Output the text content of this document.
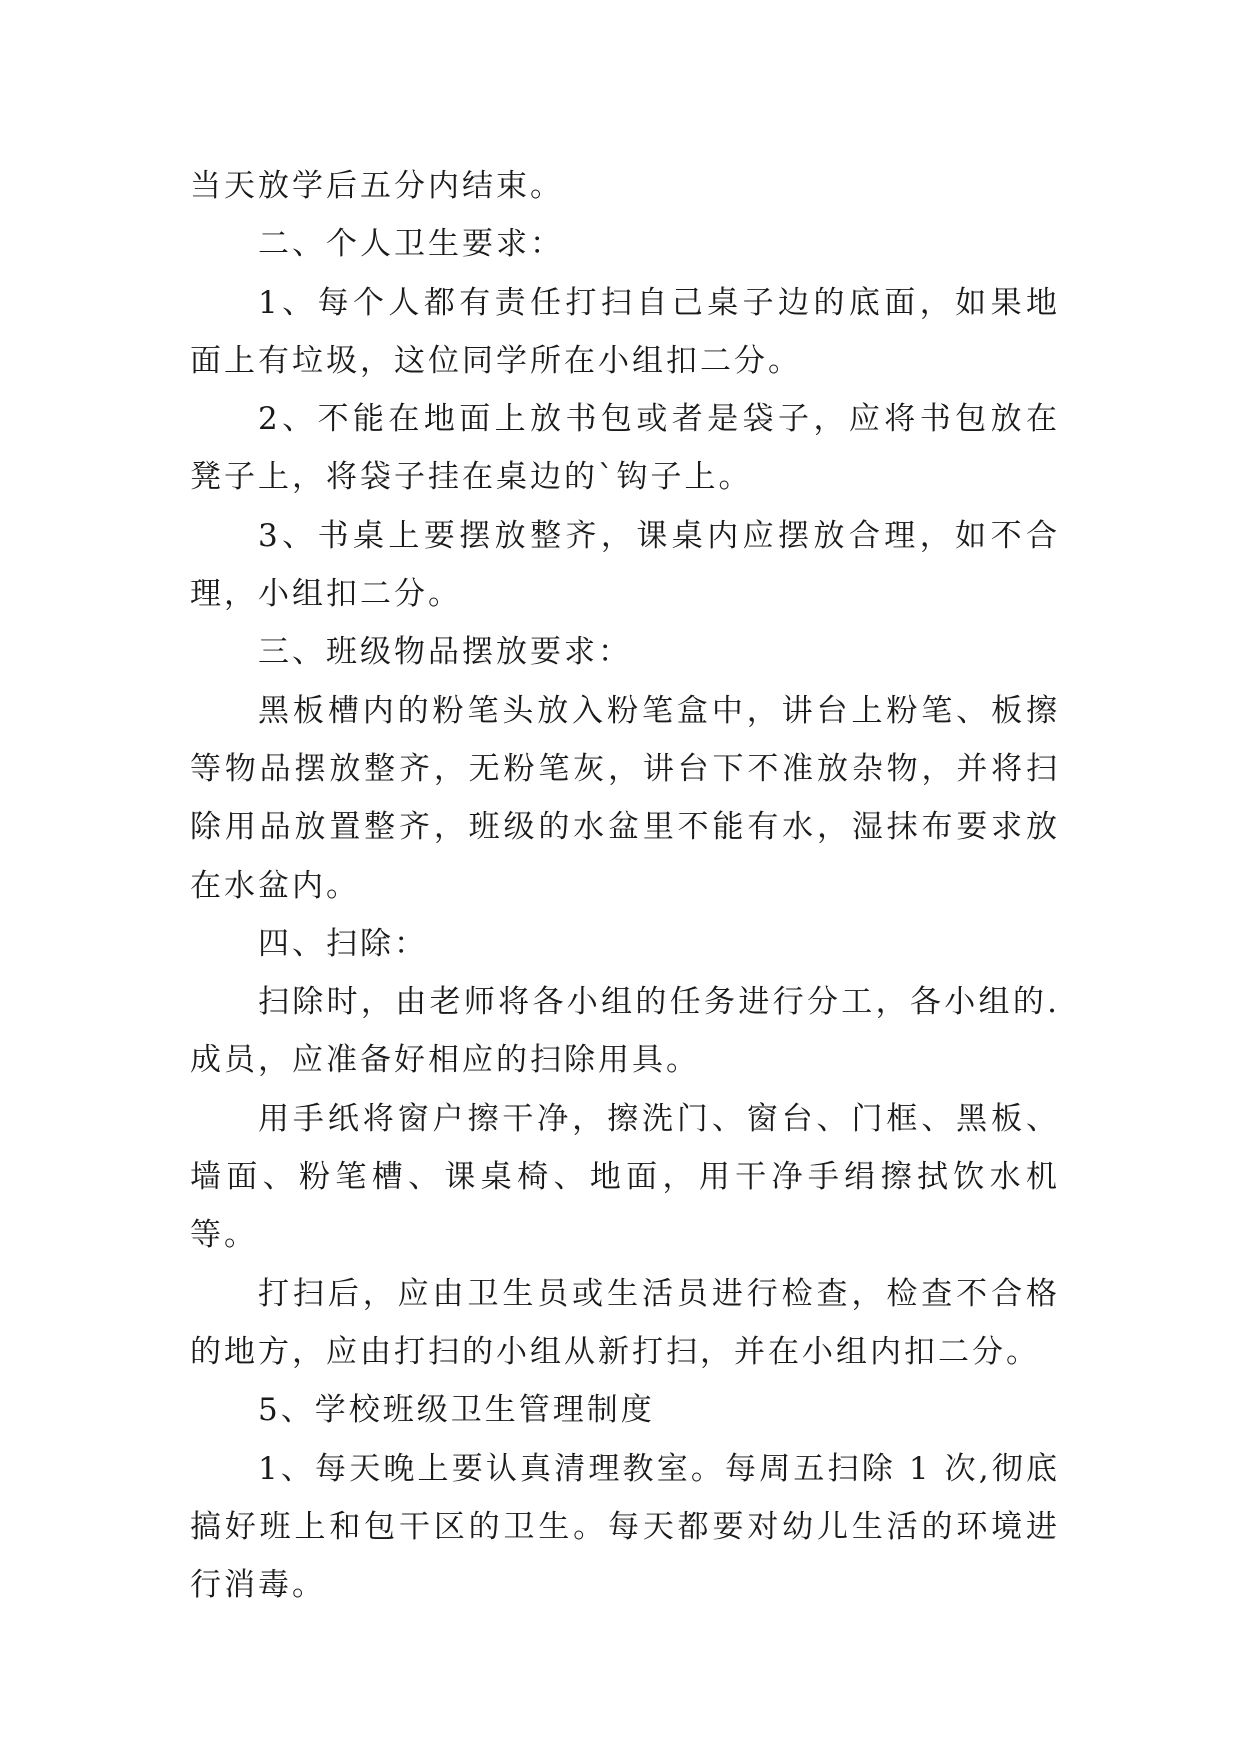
当天放学后五分内结束。

二、个人卫生要求：

1、每个人都有责任打扫自己桌子边的底面，如果地面上有垃圾，这位同学所在小组扣二分。

2、不能在地面上放书包或者是袋子，应将书包放在凳子上，将袋子挂在桌边的`钩子上。

3、书桌上要摆放整齐，课桌内应摆放合理，如不合理，小组扣二分。

三、班级物品摆放要求：

黑板槽内的粉笔头放入粉笔盒中，讲台上粉笔、板擦等物品摆放整齐，无粉笔灰，讲台下不准放杂物，并将扫除用品放置整齐，班级的水盆里不能有水，湿抹布要求放在水盆内。

四、扫除：

扫除时，由老师将各小组的任务进行分工，各小组的.成员，应准备好相应的扫除用具。

用手纸将窗户擦干净，擦洗门、窗台、门框、黑板、墙面、粉笔槽、课桌椅、地面，用干净手绢擦拭饮水机等。

打扫后，应由卫生员或生活员进行检查，检查不合格的地方，应由打扫的小组从新打扫，并在小组内扣二分。

5、学校班级卫生管理制度

1、每天晚上要认真清理教室。每周五扫除 1 次,彻底搞好班上和包干区的卫生。每天都要对幼儿生活的环境进行消毒。
